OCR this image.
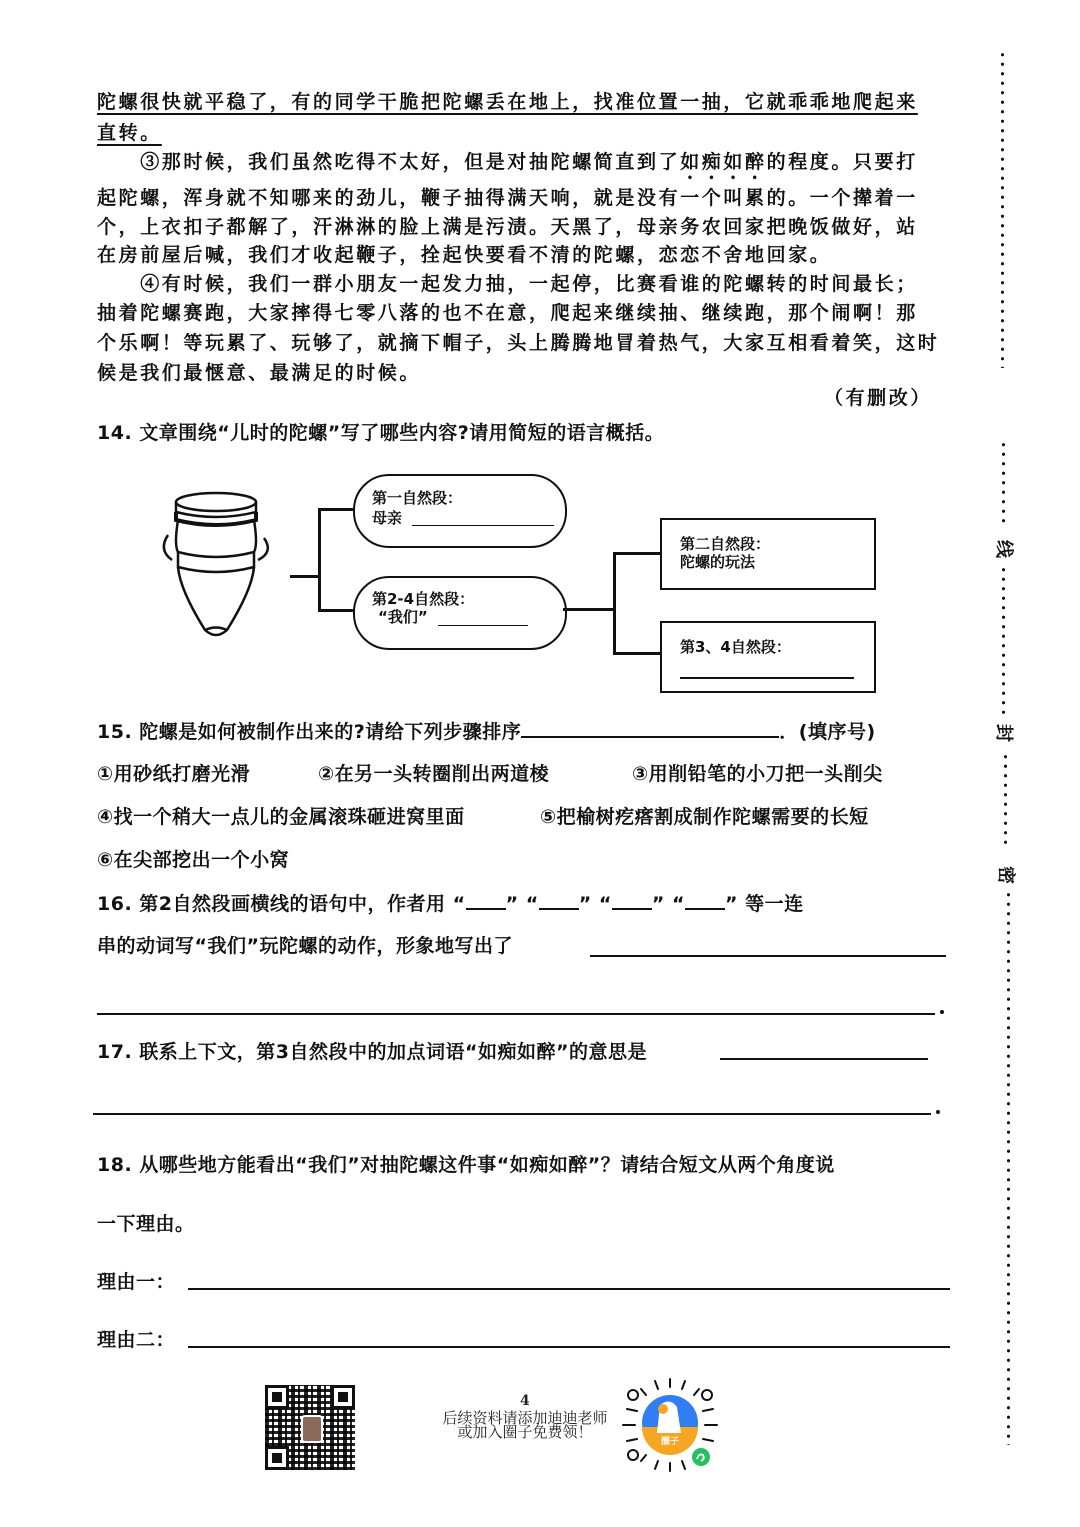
陀螺很快就平稳了，有的同学干脆把陀螺丢在地上，找准位置一抽，它就乖乖地爬起来
直转。
　　③那时候，我们虽然吃得不太好，但是对抽陀螺简直到了如痴如醉的程度。只要打
起陀螺，浑身就不知哪来的劲儿，鞭子抽得满天响，就是没有一个叫累的。一个撵着一
个，上衣扣子都解了，汗淋淋的脸上满是污渍。天黑了，母亲务农回家把晚饭做好，站
在房前屋后喊，我们才收起鞭子，拴起快要看不清的陀螺，恋恋不舍地回家。
　　④有时候，我们一群小朋友一起发力抽，一起停，比赛看谁的陀螺转的时间最长；
抽着陀螺赛跑，大家摔得七零八落的也不在意，爬起来继续抽、继续跑，那个闹啊！那
个乐啊！等玩累了、玩够了，就摘下帽子，头上腾腾地冒着热气，大家互相看着笑，这时
候是我们最惬意、最满足的时候。
（有删改）
14. 文章围绕“儿时的陀螺”写了哪些内容?请用简短的语言概括。
第一自然段：
母亲
第2-4自然段：
“我们”
第二自然段：
陀螺的玩法
第3、4自然段：
15. 陀螺是如何被制作出来的?请给下列步骤排序	．(填序号)
①用砂纸打磨光滑	②在另一头转圈削出两道棱	③用削铅笔的小刀把一头削尖
④找一个稍大一点儿的金属滚珠砸进窝里面	⑤把榆树疙瘩割成制作陀螺需要的长短
⑥在尖部挖出一个小窝
16. 第2自然段画横线的语句中，作者用 “ ” “ ” “ ” “ ” 等一连
串的动词写“我们”玩陀螺的动作，形象地写出了
17. 联系上下文，第3自然段中的加点词语“如痴如醉”的意思是
18. 从哪些地方能看出“我们”对抽陀螺这件事“如痴如醉”？请结合短文从两个角度说
一下理由。
理由一：
理由二：
线
封
密
4
后续资料请添加迪迪老师
或加入圈子免费领！
圈子
